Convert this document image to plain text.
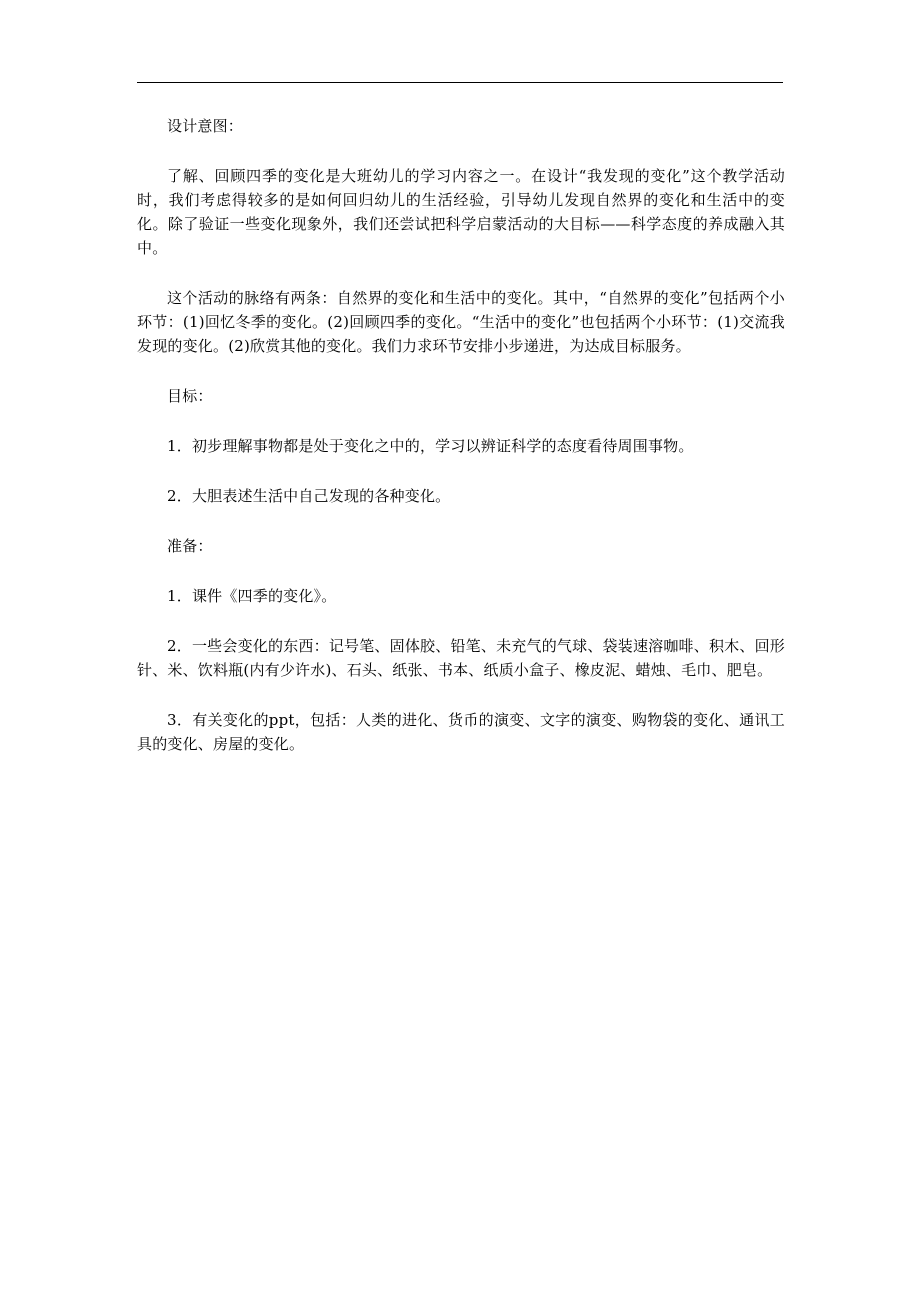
设计意图：

了解、回顾四季的变化是大班幼儿的学习内容之一。在设计“我发现的变化”这个教学活动时，我们考虑得较多的是如何回归幼儿的生活经验，引导幼儿发现自然界的变化和生活中的变化。除了验证一些变化现象外，我们还尝试把科学启蒙活动的大目标——科学态度的养成融入其中。

这个活动的脉络有两条：自然界的变化和生活中的变化。其中，“自然界的变化”包括两个小环节：(1)回忆冬季的变化。(2)回顾四季的变化。“生活中的变化”也包括两个小环节：(1)交流我发现的变化。(2)欣赏其他的变化。我们力求环节安排小步递进，为达成目标服务。

目标：

1．初步理解事物都是处于变化之中的，学习以辨证科学的态度看待周围事物。

2．大胆表述生活中自己发现的各种变化。

准备：

1．课件《四季的变化》。

2．一些会变化的东西：记号笔、固体胶、铅笔、未充气的气球、袋装速溶咖啡、积木、回形针、米、饮料瓶(内有少许水)、石头、纸张、书本、纸质小盒子、橡皮泥、蜡烛、毛巾、肥皂。

3．有关变化的ppt，包括：人类的进化、货币的演变、文字的演变、购物袋的变化、通讯工具的变化、房屋的变化。
